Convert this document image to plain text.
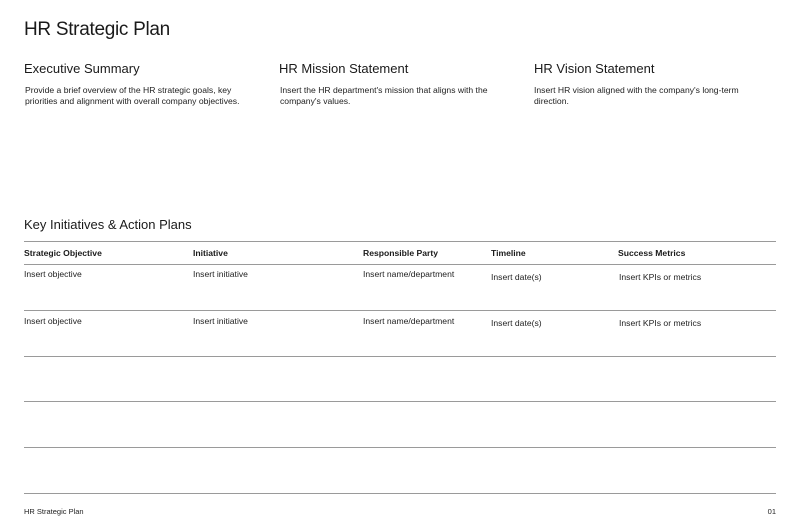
HR Strategic Plan
Executive Summary
Provide a brief overview of the HR strategic goals, key priorities and alignment with overall company objectives.
HR Mission Statement
Insert the HR department's mission that aligns with the company's values.
HR Vision Statement
Insert HR vision aligned with the company's long-term direction.
Key Initiatives & Action Plans
Strategic Objective	Initiative	Responsible Party	Timeline	Success Metrics
Insert objective	Insert initiative	Insert name/department	Insert date(s)	Insert KPIs or metrics
Insert objective	Insert initiative	Insert name/department	Insert date(s)	Insert KPIs or metrics
HR Strategic Plan	01
